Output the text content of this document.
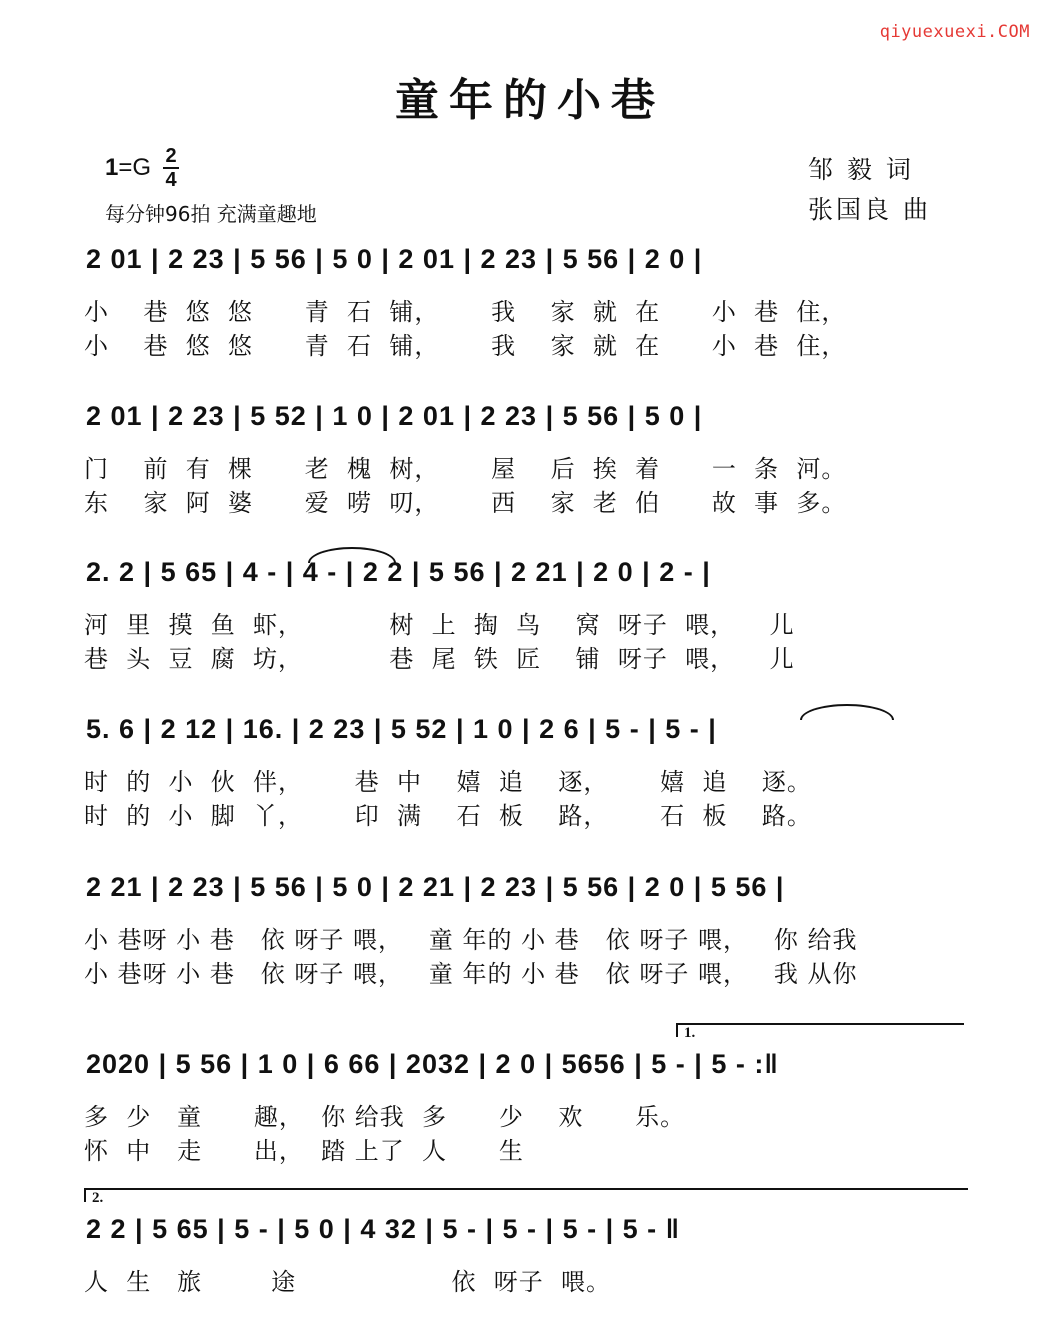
qiyuexuexi.COM
童年的小巷
$1 =G \frac{2}{4}$
每分钟96拍 充满童趣地
邹 毅 词
张国良 曲
2 01 | 2 23 | 5 56 | 5 0 | 2 01 | 2 23 | 5 56 | 2 0 |
小    巷  悠  悠      青  石  铺，      我    家  就  在      小  巷  住，
小    巷  悠  悠      青  石  铺，      我    家  就  在      小  巷  住，
2 01 | 2 23 | 5 52 | 1 0 | 2 01 | 2 23 | 5 56 | 5 0 |
门    前  有  棵      老  槐  树，      屋    后  挨  着      一  条  河。
东    家  阿  婆      爱  唠  叨，      西    家  老  伯      故  事  多。
2. 2 | 5 65 | 4 - | 4 - | 2 2 | 5 56 | 2 21 | 2 0 | 2 - |
河  里  摸  鱼  虾，          树  上  掏  鸟    窝  呀子  喂，    儿
巷  头  豆  腐  坊，          巷  尾  铁  匠    铺  呀子  喂，    儿
5. 6 | 2 12 | 16. | 2 23 | 5 52 | 1 0 | 2 6 | 5 - | 5 - |
时  的  小  伙  伴，      巷  中    嬉  追    逐，      嬉  追    逐。
时  的  小  脚  丫，      印  满    石  板    路，      石  板    路。
2 21 | 2 23 | 5 56 | 5 0 | 2 21 | 2 23 | 5 56 | 2 0 | 5 56 |
小 巷呀 小 巷   依 呀子 喂，   童 年的 小 巷   依 呀子 喂，   你 给我
小 巷呀 小 巷   依 呀子 喂，   童 年的 小 巷   依 呀子 喂，   我 从你
1.
2020 | 5 56 | 1 0 | 6 66 | 2032 | 2 0 | 5656 | 5 - | 5 - :‖
多  少   童      趣，  你 给我  多      少    欢      乐。
怀  中   走      出，  踏 上了  人      生
2.
2 2 | 5 65 | 5 - | 5 0 | 4 32 | 5 - | 5 - | 5 - | 5 - ‖
人  生   旅        途                  依  呀子  喂。
